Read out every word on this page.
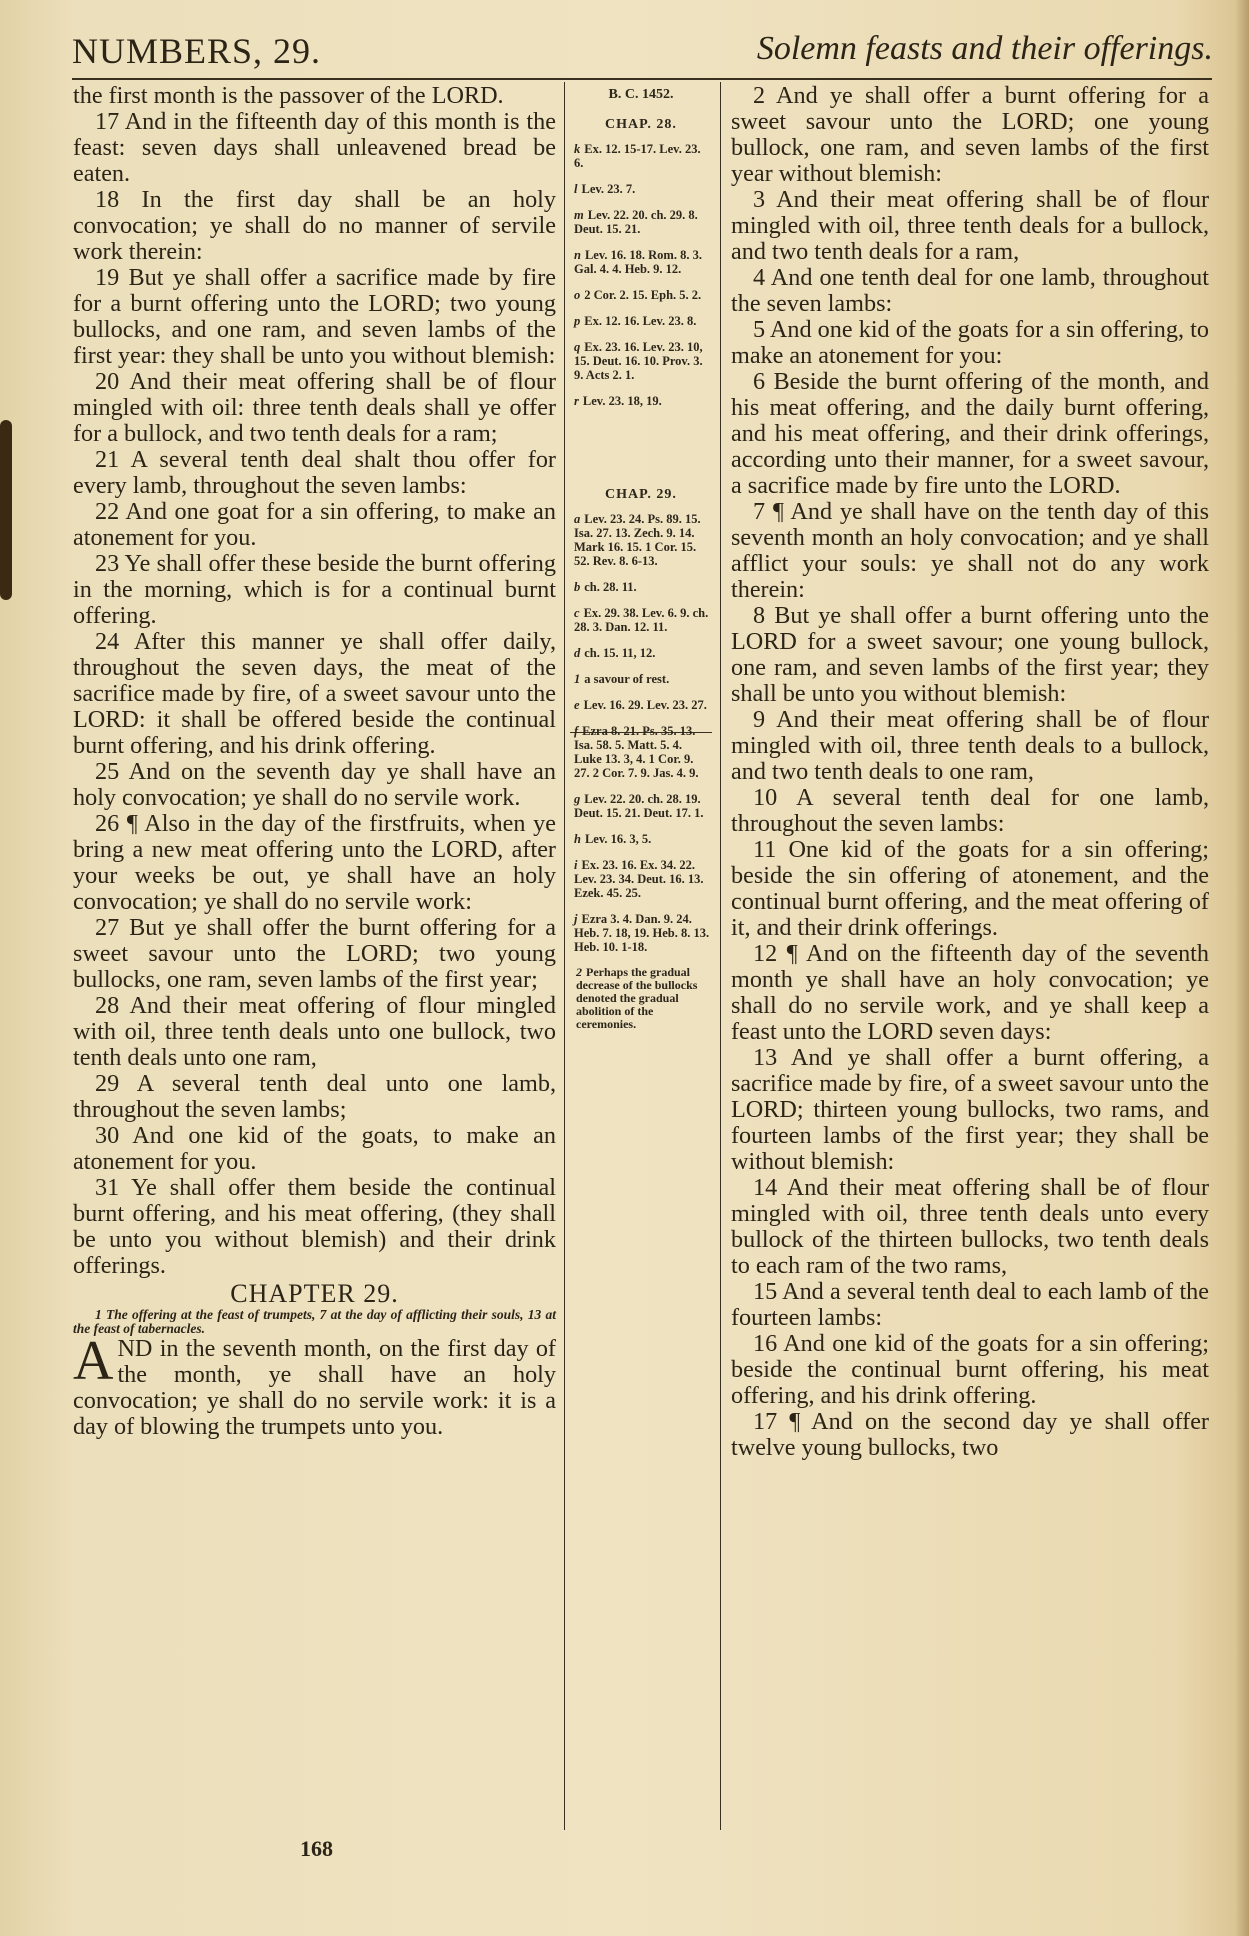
NUMBERS, 29.	Solemn feasts and their offerings.

the first month is the passover of the LORD.

17 And in the fifteenth day of this month is the feast: seven days shall unleavened bread be eaten.

18 In the first day shall be an holy convocation; ye shall do no manner of servile work therein:

19 But ye shall offer a sacrifice made by fire for a burnt offering unto the LORD; two young bullocks, and one ram, and seven lambs of the first year: they shall be unto you without blemish:

20 And their meat offering shall be of flour mingled with oil: three tenth deals shall ye offer for a bullock, and two tenth deals for a ram;

21 A several tenth deal shalt thou offer for every lamb, throughout the seven lambs:

22 And one goat for a sin offering, to make an atonement for you.

23 Ye shall offer these beside the burnt offering in the morning, which is for a continual burnt offering.

24 After this manner ye shall offer daily, throughout the seven days, the meat of the sacrifice made by fire, of a sweet savour unto the LORD: it shall be offered beside the continual burnt offering, and his drink offering.

25 And on the seventh day ye shall have an holy convocation; ye shall do no servile work.

26 ¶ Also in the day of the firstfruits, when ye bring a new meat offering unto the LORD, after your weeks be out, ye shall have an holy convocation; ye shall do no servile work:

27 But ye shall offer the burnt offering for a sweet savour unto the LORD; two young bullocks, one ram, seven lambs of the first year;

28 And their meat offering of flour mingled with oil, three tenth deals unto one bullock, two tenth deals unto one ram,

29 A several tenth deal unto one lamb, throughout the seven lambs;

30 And one kid of the goats, to make an atonement for you.

31 Ye shall offer them beside the continual burnt offering, and his meat offering, (they shall be unto you without blemish) and their drink offerings.

CHAPTER 29.

1 The offering at the feast of trumpets, 7 at the day of afflicting their souls, 13 at the feast of tabernacles.

AND in the seventh month, on the first day of the month, ye shall have an holy convocation; ye shall do no servile work: it is a day of blowing the trumpets unto you.

B. C. 1452.
CHAP. 28.
k Ex. 12. 15-17. Lev. 23. 6.
l Lev. 23. 7.
m Lev. 22. 20. ch. 29. 8. Deut. 15. 21.
n Lev. 16. 18. Rom. 8. 3. Gal. 4. 4. Heb. 9. 12.
o 2 Cor. 2. 15. Eph. 5. 2.
p Ex. 12. 16. Lev. 23. 8.
q Ex. 23. 16. Lev. 23. 10, 15. Deut. 16. 10. Prov. 3. 9. Acts 2. 1.
r Lev. 23. 18, 19.
CHAP. 29.
a Lev. 23. 24. Ps. 89. 15. Isa. 27. 13. Zech. 9. 14. Mark 16. 15. 1 Cor. 15. 52. Rev. 8. 6-13.
b ch. 28. 11.
c Ex. 29. 38. Lev. 6. 9. ch. 28. 3. Dan. 12. 11.
d ch. 15. 11, 12.
1 a savour of rest.
e Lev. 16. 29. Lev. 23. 27.
f Ezra 8. 21. Ps. 35. 13. Isa. 58. 5. Matt. 5. 4. Luke 13. 3, 4. 1 Cor. 9. 27. 2 Cor. 7. 9. Jas. 4. 9.
g Lev. 22. 20. ch. 28. 19. Deut. 15. 21. Deut. 17. 1.
h Lev. 16. 3, 5.
i Ex. 23. 16. Ex. 34. 22. Lev. 23. 34. Deut. 16. 13. Ezek. 45. 25.
j Ezra 3. 4. Dan. 9. 24. Heb. 7. 18, 19. Heb. 8. 13. Heb. 10. 1-18.
2 Perhaps the gradual decrease of the bullocks denoted the gradual abolition of the ceremonies.

2 And ye shall offer a burnt offering for a sweet savour unto the LORD; one young bullock, one ram, and seven lambs of the first year without blemish:

3 And their meat offering shall be of flour mingled with oil, three tenth deals for a bullock, and two tenth deals for a ram,

4 And one tenth deal for one lamb, throughout the seven lambs:

5 And one kid of the goats for a sin offering, to make an atonement for you:

6 Beside the burnt offering of the month, and his meat offering, and the daily burnt offering, and his meat offering, and their drink offerings, according unto their manner, for a sweet savour, a sacrifice made by fire unto the LORD.

7 ¶ And ye shall have on the tenth day of this seventh month an holy convocation; and ye shall afflict your souls: ye shall not do any work therein:

8 But ye shall offer a burnt offering unto the LORD for a sweet savour; one young bullock, one ram, and seven lambs of the first year; they shall be unto you without blemish:

9 And their meat offering shall be of flour mingled with oil, three tenth deals to a bullock, and two tenth deals to one ram,

10 A several tenth deal for one lamb, throughout the seven lambs:

11 One kid of the goats for a sin offering; beside the sin offering of atonement, and the continual burnt offering, and the meat offering of it, and their drink offerings.

12 ¶ And on the fifteenth day of the seventh month ye shall have an holy convocation; ye shall do no servile work, and ye shall keep a feast unto the LORD seven days:

13 And ye shall offer a burnt offering, a sacrifice made by fire, of a sweet savour unto the LORD; thirteen young bullocks, two rams, and fourteen lambs of the first year; they shall be without blemish:

14 And their meat offering shall be of flour mingled with oil, three tenth deals unto every bullock of the thirteen bullocks, two tenth deals to each ram of the two rams,

15 And a several tenth deal to each lamb of the fourteen lambs:

16 And one kid of the goats for a sin offering; beside the continual burnt offering, his meat offering, and his drink offering.

17 ¶ And on the second day ye shall offer twelve young bullocks, two

168
